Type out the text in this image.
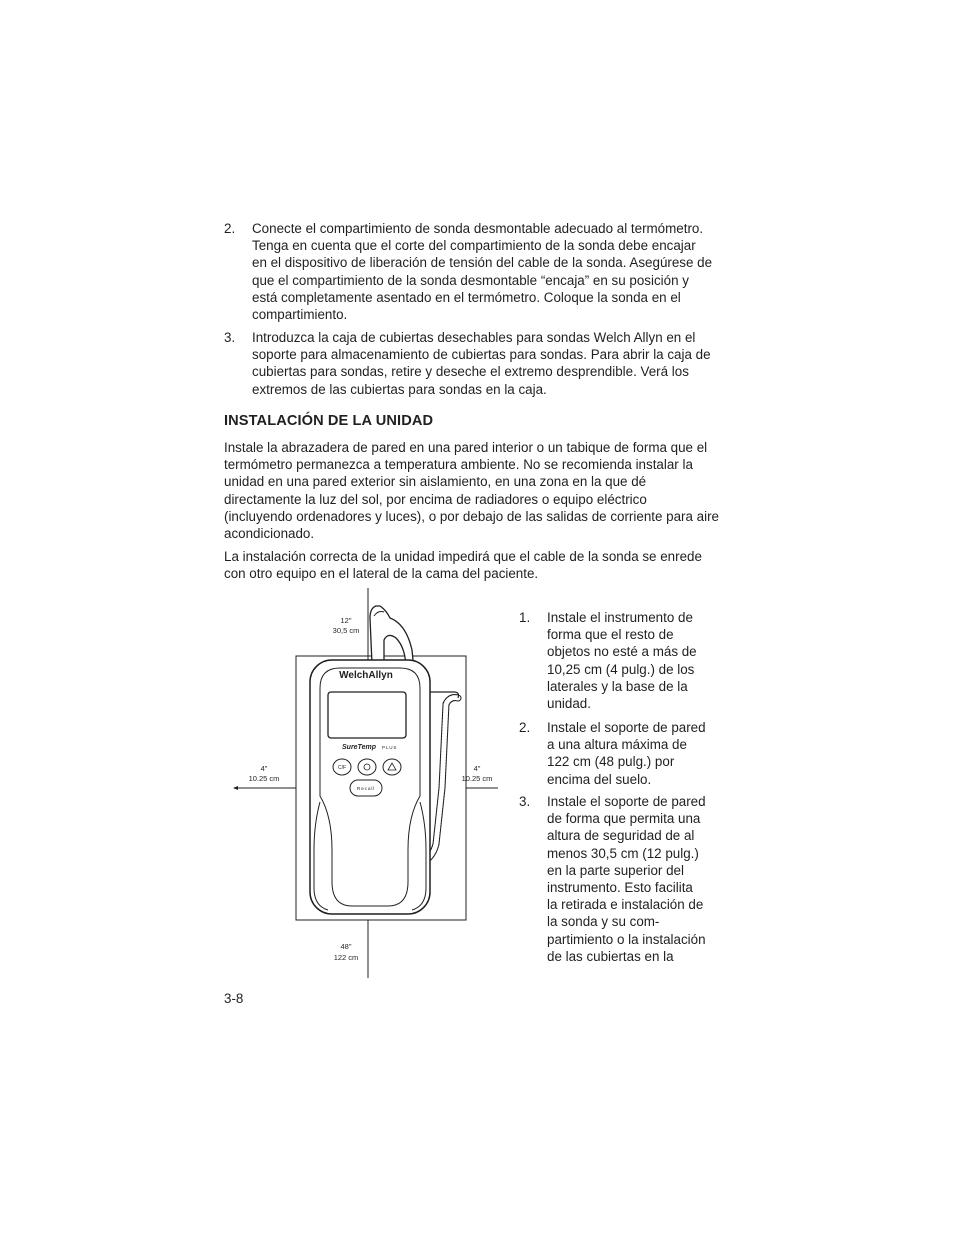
2. Conecte el compartimiento de sonda desmontable adecuado al termómetro.
Tenga en cuenta que el corte del compartimiento de la sonda debe encajar
en el dispositivo de liberación de tensión del cable de la sonda. Asegúrese de
que el compartimiento de la sonda desmontable “encaja” en su posición y
está completamente asentado en el termómetro. Coloque la sonda en el
compartimiento.
3. Introduzca la caja de cubiertas desechables para sondas Welch Allyn en el
soporte para almacenamiento de cubiertas para sondas. Para abrir la caja de
cubiertas para sondas, retire y deseche el extremo desprendible. Verá los
extremos de las cubiertas para sondas en la caja.
INSTALACIÓN DE LA UNIDAD
Instale la abrazadera de pared en una pared interior o un tabique de forma que el
termómetro permanezca a temperatura ambiente. No se recomienda instalar la
unidad en una pared exterior sin aislamiento, en una zona en la que dé
directamente la luz del sol, por encima de radiadores o equipo eléctrico
(incluyendo ordenadores y luces), o por debajo de las salidas de corriente para aire
acondicionado.
La instalación correcta de la unidad impedirá que el cable de la sonda se enrede
con otro equipo en el lateral de la cama del paciente.
WelchAllyn
SureTemp PLUS
C/F
Recall
12"
30,5 cm
4"
10.25 cm
4"
10.25 cm
48"
122 cm
1. Instale el instrumento de
forma que el resto de
objetos no esté a más de
10,25 cm (4 pulg.) de los
laterales y la base de la
unidad.
2. Instale el soporte de pared
a una altura máxima de
122 cm (48 pulg.) por
encima del suelo.
3. Instale el soporte de pared
de forma que permita una
altura de seguridad de al
menos 30,5 cm (12 pulg.)
en la parte superior del
instrumento. Esto facilita
la retirada e instalación de
la sonda y su com-
partimiento o la instalación
de las cubiertas en la
3-8
